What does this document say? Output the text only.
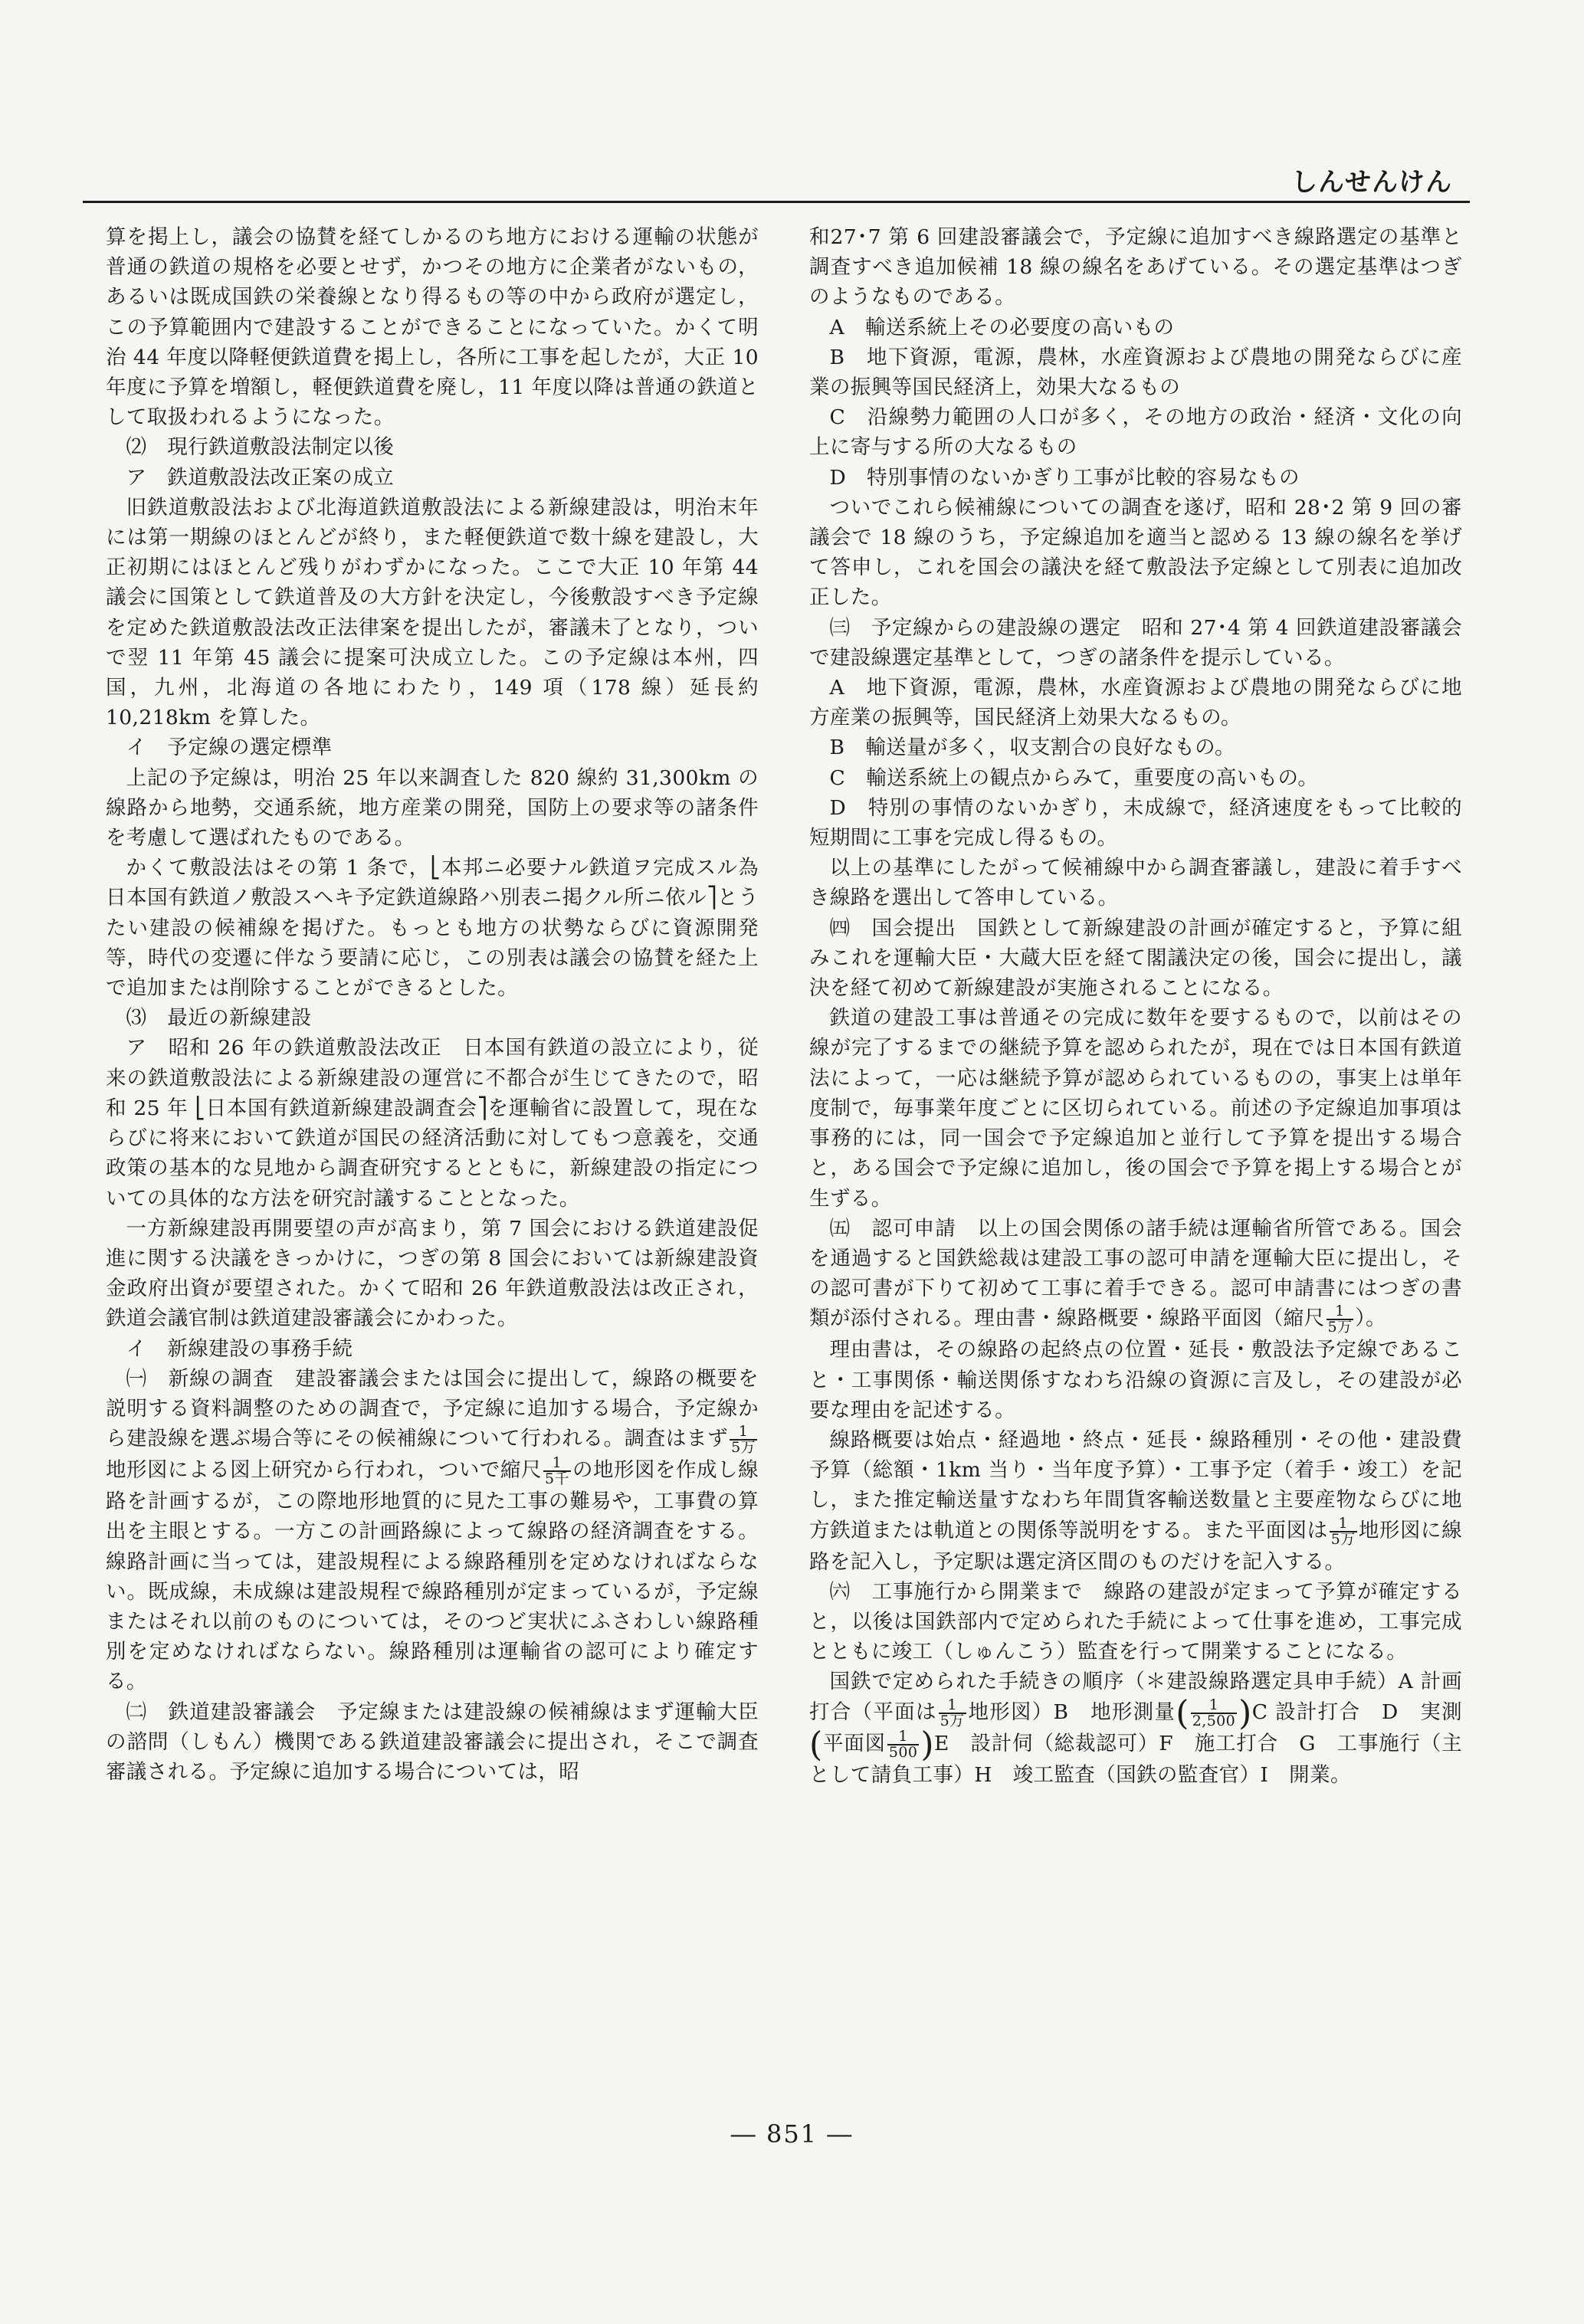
しんせんけん

算を掲上し，議会の協賛を経てしかるのち地方における運輸の状態が普通の鉄道の規格を必要とせず，かつその地方に企業者がないもの，あるいは既成国鉄の栄養線となり得るもの等の中から政府が選定し，この予算範囲内で建設することができることになっていた。かくて明治 44 年度以降軽便鉄道費を掲上し，各所に工事を起したが，大正 10 年度に予算を増額し，軽便鉄道費を廃し，11 年度以降は普通の鉄道として取扱われるようになった。

⑵　現行鉄道敷設法制定以後

ア　鉄道敷設法改正案の成立

旧鉄道敷設法および北海道鉄道敷設法による新線建設は，明治末年には第一期線のほとんどが終り，また軽便鉄道で数十線を建設し，大正初期にはほとんど残りがわずかになった。ここで大正 10 年第 44 議会に国策として鉄道普及の大方針を決定し，今後敷設すべき予定線を定めた鉄道敷設法改正法律案を提出したが，審議未了となり，ついで翌 11 年第 45 議会に提案可決成立した。この予定線は本州，四国，九州，北海道の各地にわたり，149 項（178 線）延長約 10,218km を算した。

イ　予定線の選定標準

上記の予定線は，明治 25 年以来調査した 820 線約 31,300km の線路から地勢，交通系統，地方産業の開発，国防上の要求等の諸条件を考慮して選ばれたものである。

かくて敷設法はその第 1 条で，⎣本邦ニ必要ナル鉄道ヲ完成スル為日本国有鉄道ノ敷設スヘキ予定鉄道線路ハ別表ニ掲クル所ニ依ル⎤とうたい建設の候補線を掲げた。もっとも地方の状勢ならびに資源開発等，時代の変遷に伴なう要請に応じ，この別表は議会の協賛を経た上で追加または削除することができるとした。

⑶　最近の新線建設

ア　昭和 26 年の鉄道敷設法改正　日本国有鉄道の設立により，従来の鉄道敷設法による新線建設の運営に不都合が生じてきたので，昭和 25 年 ⎣日本国有鉄道新線建設調査会⎤を運輸省に設置して，現在ならびに将来において鉄道が国民の経済活動に対してもつ意義を，交通政策の基本的な見地から調査研究するとともに，新線建設の指定についての具体的な方法を研究討議することとなった。

一方新線建設再開要望の声が高まり，第 7 国会における鉄道建設促進に関する決議をきっかけに，つぎの第 8 国会においては新線建設資金政府出資が要望された。かくて昭和 26 年鉄道敷設法は改正され，鉄道会議官制は鉄道建設審議会にかわった。

イ　新線建設の事務手続

㈠　新線の調査　建設審議会または国会に提出して，線路の概要を説明する資料調整のための調査で，予定線に追加する場合，予定線から建設線を選ぶ場合等にその候補線について行われる。調査はまず $\frac{1}{\text{5万}}$
地形図による図上研究から行われ，ついで縮尺 $\frac{1}{\text{5千}}$ の地形図を作成し線路を計画するが，この際地形地質的に見た工事の難易や，工事費の算出を主眼とする。一方この計画路線によって線路の経済調査をする。線路計画に当っては，建設規程による線路種別を定めなければならない。既成線，未成線は建設規程で線路種別が定まっているが，予定線またはそれ以前のものについては，そのつど実状にふさわしい線路種別を定めなければならない。線路種別は運輸省の認可により確定する。

㈡　鉄道建設審議会　予定線または建設線の候補線はまず運輸大臣の諮問（しもん）機関である鉄道建設審議会に提出され，そこで調査審議される。予定線に追加する場合については，昭

和27･7 第 6 回建設審議会で，予定線に追加すべき線路選定の基準と調査すべき追加候補 18 線の線名をあげている。その選定基準はつぎのようなものである。

A　輸送系統上その必要度の高いもの

B　地下資源，電源，農林，水産資源および農地の開発ならびに産業の振興等国民経済上，効果大なるもの

C　沿線勢力範囲の人口が多く，その地方の政治・経済・文化の向上に寄与する所の大なるもの

D　特別事情のないかぎり工事が比較的容易なもの

ついでこれら候補線についての調査を遂げ，昭和 28･2 第 9 回の審議会で 18 線のうち，予定線追加を適当と認める 13 線の線名を挙げて答申し，これを国会の議決を経て敷設法予定線として別表に追加改正した。

㈢　予定線からの建設線の選定　昭和 27･4 第 4 回鉄道建設審議会で建設線選定基準として，つぎの諸条件を提示している。

A　地下資源，電源，農林，水産資源および農地の開発ならびに地方産業の振興等，国民経済上効果大なるもの。

B　輸送量が多く，収支割合の良好なもの。

C　輸送系統上の観点からみて，重要度の高いもの。

D　特別の事情のないかぎり，未成線で，経済速度をもって比較的短期間に工事を完成し得るもの。

以上の基準にしたがって候補線中から調査審議し，建設に着手すべき線路を選出して答申している。

㈣　国会提出　国鉄として新線建設の計画が確定すると，予算に組みこれを運輸大臣・大蔵大臣を経て閣議決定の後，国会に提出し，議決を経て初めて新線建設が実施されることになる。

鉄道の建設工事は普通その完成に数年を要するもので，以前はその線が完了するまでの継続予算を認められたが，現在では日本国有鉄道法によって，一応は継続予算が認められているものの，事実上は単年度制で，毎事業年度ごとに区切られている。前述の予定線追加事項は事務的には，同一国会で予定線追加と並行して予算を提出する場合と，ある国会で予定線に追加し，後の国会で予算を掲上する場合とが生ずる。

㈤　認可申請　以上の国会関係の諸手続は運輸省所管である。国会を通過すると国鉄総裁は建設工事の認可申請を運輸大臣に提出し，その認可書が下りて初めて工事に着手できる。認可申請書にはつぎの書類が添付される。理由書・線路概要・線路平面図（縮尺 $\frac{1}{\text{5万}}$ ）。

理由書は，その線路の起終点の位置・延長・敷設法予定線であること・工事関係・輸送関係すなわち沿線の資源に言及し，その建設が必要な理由を記述する。

線路概要は始点・経過地・終点・延長・線路種別・その他・建設費予算（総額・1km 当り・当年度予算）・工事予定（着手・竣工）を記し，また推定輸送量すなわち年間貨客輸送数量と主要産物ならびに地方鉄道または軌道との関係等説明をする。また平面図は $\frac{1}{\text{5万}}$ 地形図に線路を記入し，予定駅は選定済区間のものだけを記入する。

㈥　工事施行から開業まで　線路の建設が定まって予算が確定すると，以後は国鉄部内で定められた手続によって仕事を進め，工事完成とともに竣工（しゅんこう）監査を行って開業することになる。

国鉄で定められた手続きの順序（＊建設線路選定具申手続）A 計画打合（平面は $\frac{1}{\text{5万}}$ 地形図）B　地形測量( $\frac{1}{2,500} )C$ 設計打合　D　実測(平面図 $\frac{1}{500} )E$　設計伺（総裁認可）F　施工打合　G　工事施行（主として請負工事）H　竣工監査（国鉄の監査官）I　開業。

― 851 ―
